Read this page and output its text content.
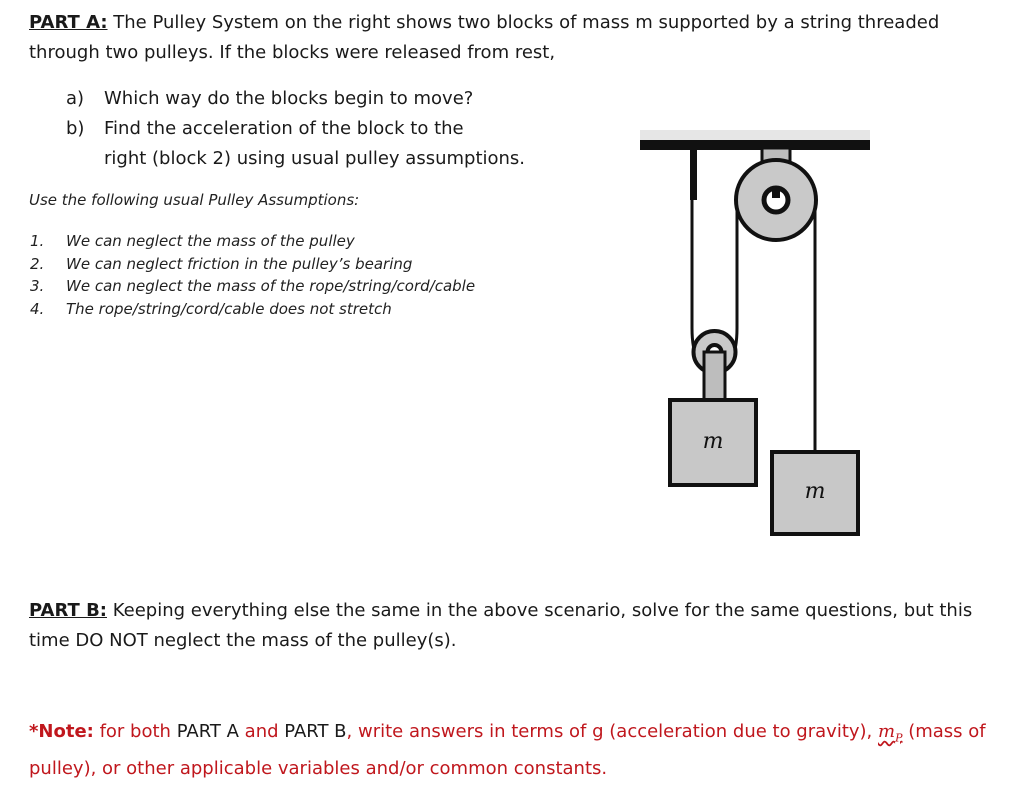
PART A: The Pulley System on the right shows two blocks of mass m supported by a string threaded through two pulleys. If the blocks were released from rest,
a) Which way do the blocks begin to move?
b) Find the acceleration of the block to the
right (block 2) using usual pulley assumptions.
Use the following usual Pulley Assumptions:
1. We can neglect the mass of the pulley
2. We can neglect friction in the pulley’s bearing
3. We can neglect the mass of the rope/string/cord/cable
4. The rope/string/cord/cable does not stretch
m
m
PART B: Keeping everything else the same in the above scenario, solve for the same questions, but this time DO NOT neglect the mass of the pulley(s).
*Note: for both PART A and PART B, write answers in terms of g (acceleration due to gravity), $m_P$ (mass of pulley), or other applicable variables and/or common constants.
